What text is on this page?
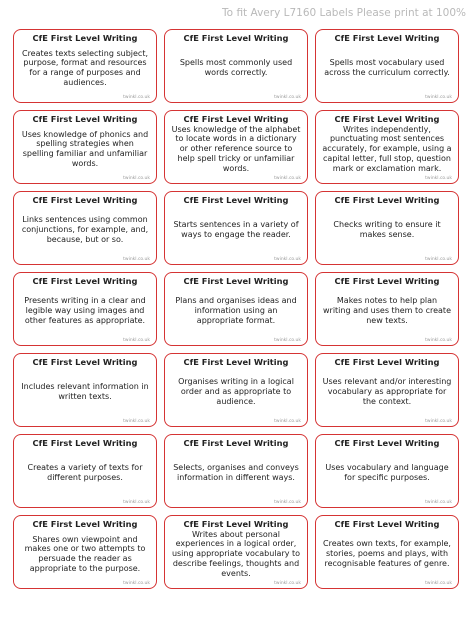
To fit Avery L7160 Labels Please print at 100%
CfE First Level Writing
Creates texts selecting subject, purpose, format and resources for a range of purposes and audiences.
twinkl.co.uk
CfE First Level Writing
Spells most commonly used words correctly.
twinkl.co.uk
CfE First Level Writing
Spells most vocabulary used across the curriculum correctly.
twinkl.co.uk
CfE First Level Writing
Uses knowledge of phonics and spelling strategies when spelling familiar and unfamiliar words.
twinkl.co.uk
CfE First Level Writing
Uses knowledge of the alphabet to locate words in a dictionary or other reference source to help spell tricky or unfamiliar words.
twinkl.co.uk
CfE First Level Writing
Writes independently, punctuating most sentences accurately, for example, using a capital letter, full stop, question mark or exclamation mark.
twinkl.co.uk
CfE First Level Writing
Links sentences using common conjunctions, for example, and, because, but or so.
twinkl.co.uk
CfE First Level Writing
Starts sentences in a variety of ways to engage the reader.
twinkl.co.uk
CfE First Level Writing
Checks writing to ensure it makes sense.
twinkl.co.uk
CfE First Level Writing
Presents writing in a clear and legible way using images and other features as appropriate.
twinkl.co.uk
CfE First Level Writing
Plans and organises ideas and information using an appropriate format.
twinkl.co.uk
CfE First Level Writing
Makes notes to help plan writing and uses them to create new texts.
twinkl.co.uk
CfE First Level Writing
Includes relevant information in written texts.
twinkl.co.uk
CfE First Level Writing
Organises writing in a logical order and as appropriate to audience.
twinkl.co.uk
CfE First Level Writing
Uses relevant and/or interesting vocabulary as appropriate for the context.
twinkl.co.uk
CfE First Level Writing
Creates a variety of texts for different purposes.
twinkl.co.uk
CfE First Level Writing
Selects, organises and conveys information in different ways.
twinkl.co.uk
CfE First Level Writing
Uses vocabulary and language for specific purposes.
twinkl.co.uk
CfE First Level Writing
Shares own viewpoint and makes one or two attempts to persuade the reader as appropriate to the purpose.
twinkl.co.uk
CfE First Level Writing
Writes about personal experiences in a logical order, using appropriate vocabulary to describe feelings, thoughts and events.
twinkl.co.uk
CfE First Level Writing
Creates own texts, for example, stories, poems and plays, with recognisable features of genre.
twinkl.co.uk
